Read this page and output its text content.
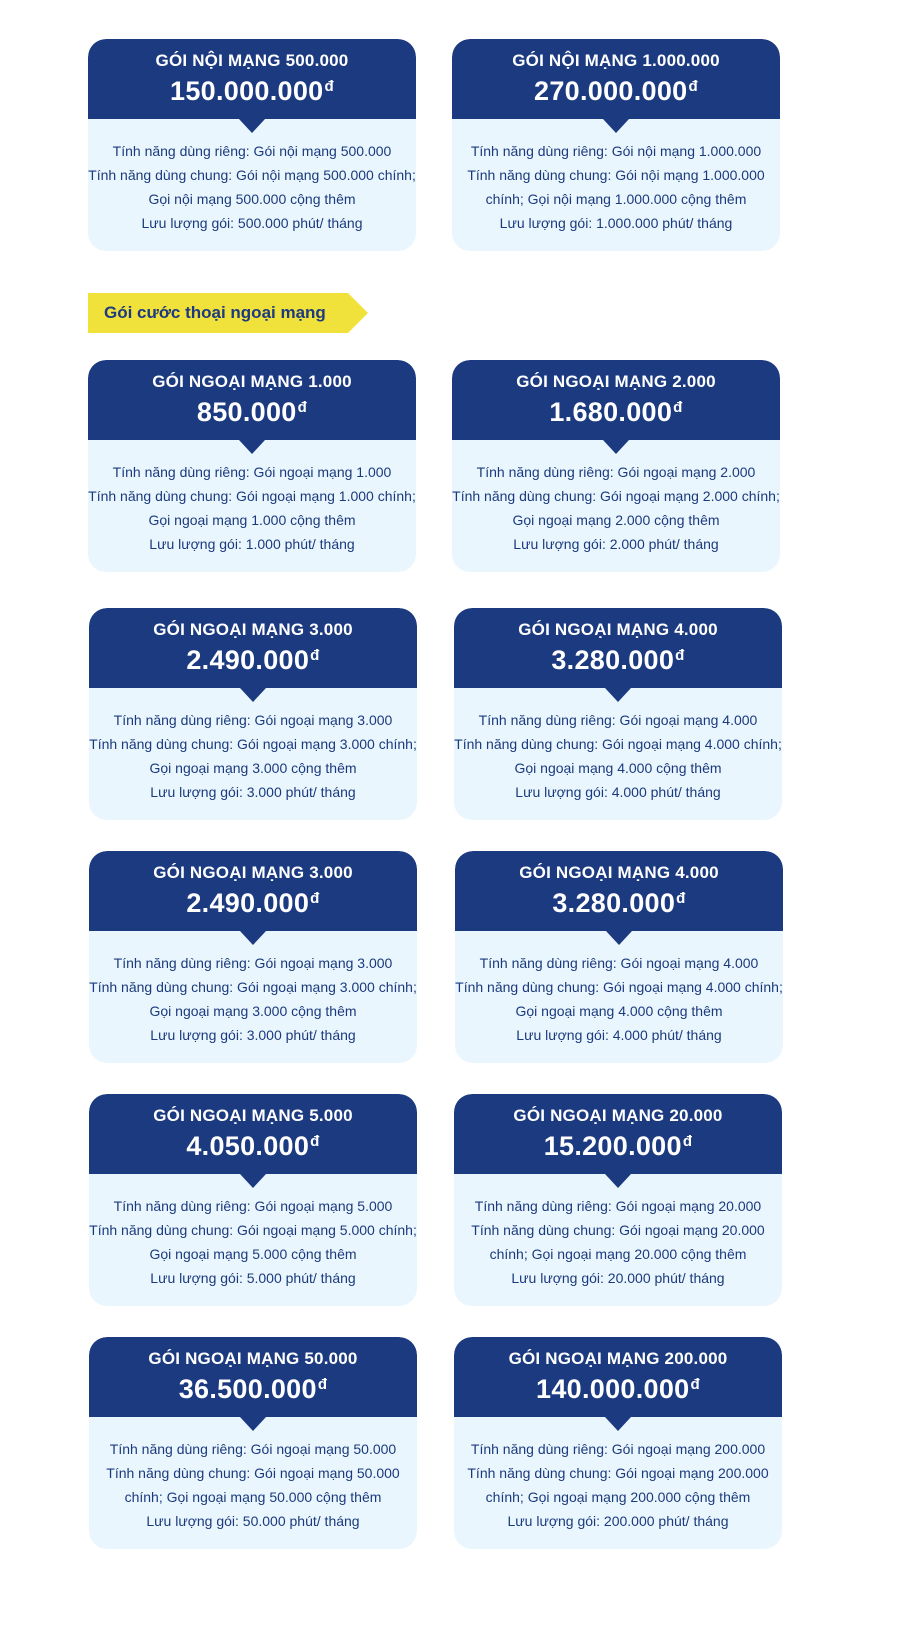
Gói cước thoại ngoại mạng
GÓI NỘI MẠNG 500.000
$150.000.000^đ$
Tính năng dùng riêng: Gói nội mạng 500.000
Tính năng dùng chung: Gói nội mạng 500.000 chính;
Gọi nội mạng 500.000 cộng thêm
Lưu lượng gói: 500.000 phút/ tháng
GÓI NỘI MẠNG 1.000.000
$270.000.000^đ$
Tính năng dùng riêng: Gói nội mạng 1.000.000
Tính năng dùng chung: Gói nội mạng 1.000.000
chính; Gọi nội mạng 1.000.000 cộng thêm
Lưu lượng gói: 1.000.000 phút/ tháng
GÓI NGOẠI MẠNG 1.000
$850.000^đ$
Tính năng dùng riêng: Gói ngoại mạng 1.000
Tính năng dùng chung: Gói ngoại mạng 1.000 chính;
Gọi ngoại mạng 1.000 cộng thêm
Lưu lượng gói: 1.000 phút/ tháng
GÓI NGOẠI MẠNG 2.000
$1.680.000^đ$
Tính năng dùng riêng: Gói ngoại mạng 2.000
Tính năng dùng chung: Gói ngoại mạng 2.000 chính;
Gọi ngoại mạng 2.000 cộng thêm
Lưu lượng gói: 2.000 phút/ tháng
GÓI NGOẠI MẠNG 3.000
$2.490.000^đ$
Tính năng dùng riêng: Gói ngoại mạng 3.000
Tính năng dùng chung: Gói ngoại mạng 3.000 chính;
Gọi ngoại mạng 3.000 cộng thêm
Lưu lượng gói: 3.000 phút/ tháng
GÓI NGOẠI MẠNG 4.000
$3.280.000^đ$
Tính năng dùng riêng: Gói ngoại mạng 4.000
Tính năng dùng chung: Gói ngoại mạng 4.000 chính;
Gọi ngoại mạng 4.000 cộng thêm
Lưu lượng gói: 4.000 phút/ tháng
GÓI NGOẠI MẠNG 3.000
$2.490.000^đ$
Tính năng dùng riêng: Gói ngoại mạng 3.000
Tính năng dùng chung: Gói ngoại mạng 3.000 chính;
Gọi ngoại mạng 3.000 cộng thêm
Lưu lượng gói: 3.000 phút/ tháng
GÓI NGOẠI MẠNG 4.000
$3.280.000^đ$
Tính năng dùng riêng: Gói ngoại mạng 4.000
Tính năng dùng chung: Gói ngoại mạng 4.000 chính;
Gọi ngoại mạng 4.000 cộng thêm
Lưu lượng gói: 4.000 phút/ tháng
GÓI NGOẠI MẠNG 5.000
$4.050.000^đ$
Tính năng dùng riêng: Gói ngoại mạng 5.000
Tính năng dùng chung: Gói ngoại mạng 5.000 chính;
Gọi ngoại mạng 5.000 cộng thêm
Lưu lượng gói: 5.000 phút/ tháng
GÓI NGOẠI MẠNG 20.000
$15.200.000^đ$
Tính năng dùng riêng: Gói ngoại mạng 20.000
Tính năng dùng chung: Gói ngoại mạng 20.000
chính; Gọi ngoại mạng 20.000 cộng thêm
Lưu lượng gói: 20.000 phút/ tháng
GÓI NGOẠI MẠNG 50.000
$36.500.000^đ$
Tính năng dùng riêng: Gói ngoại mạng 50.000
Tính năng dùng chung: Gói ngoại mạng 50.000
chính; Gọi ngoại mạng 50.000 cộng thêm
Lưu lượng gói: 50.000 phút/ tháng
GÓI NGOẠI MẠNG 200.000
$140.000.000^đ$
Tính năng dùng riêng: Gói ngoại mạng 200.000
Tính năng dùng chung: Gói ngoại mạng 200.000
chính; Gọi ngoại mạng 200.000 cộng thêm
Lưu lượng gói: 200.000 phút/ tháng
